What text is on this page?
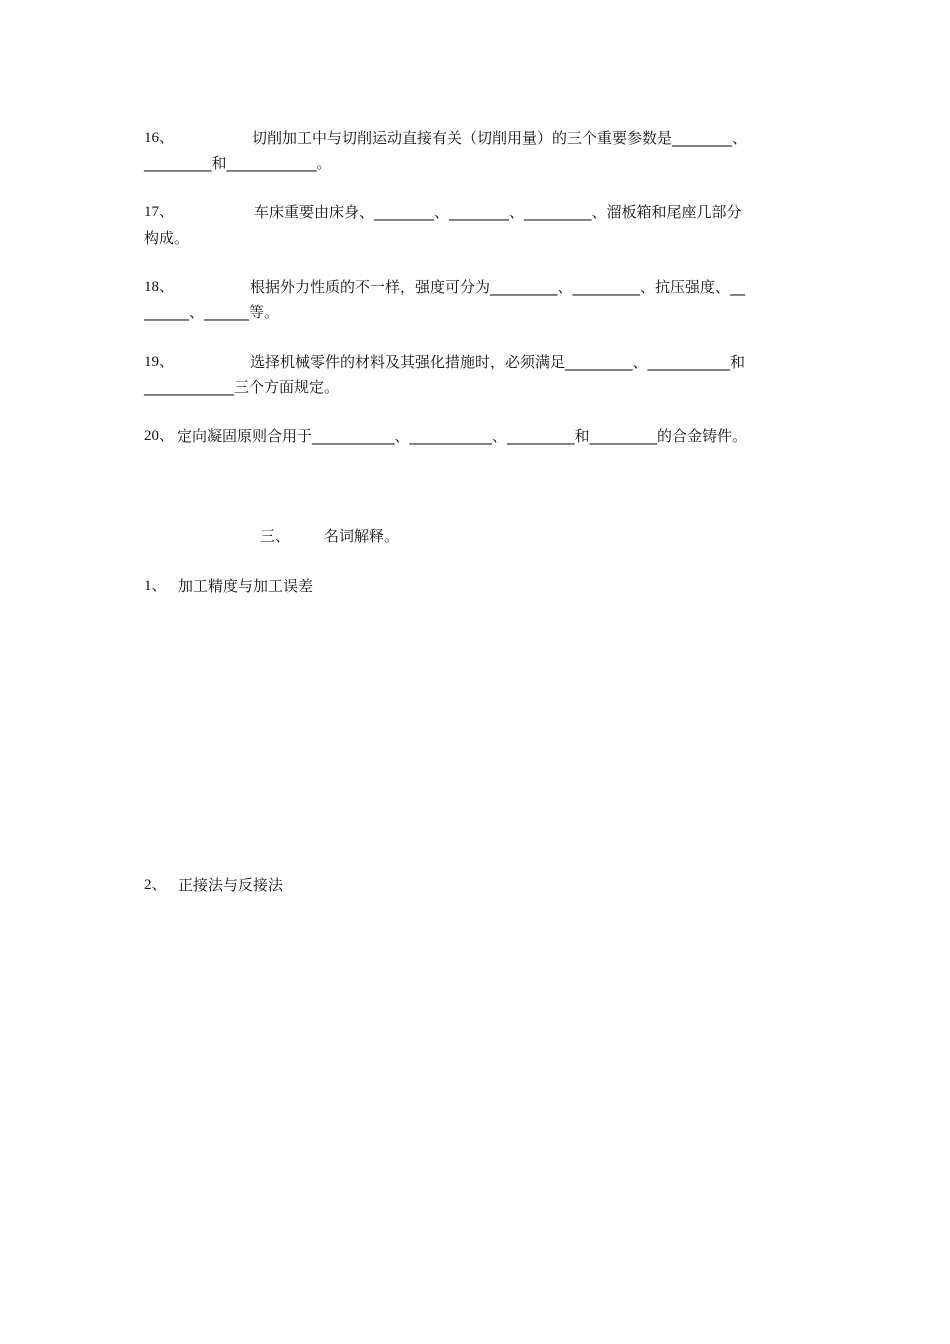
16、	切削加工中与切削运动直接有关（切削用量）的三个重要参数是________、
_________和____________。
17、	车床重要由床身、________、________、_________、溜板箱和尾座几部分
构成。
18、	根据外力性质的不一样，强度可分为_________、_________、抗压强度、__
______、______等。
19、	选择机械零件的材料及其强化措施时，必须满足_________、___________和
____________三个方面规定。
20、 定向凝固原则合用于___________、___________、_________和_________的合金铸件。
三、 名词解释。
1、 加工精度与加工误差
2、 正接法与反接法
